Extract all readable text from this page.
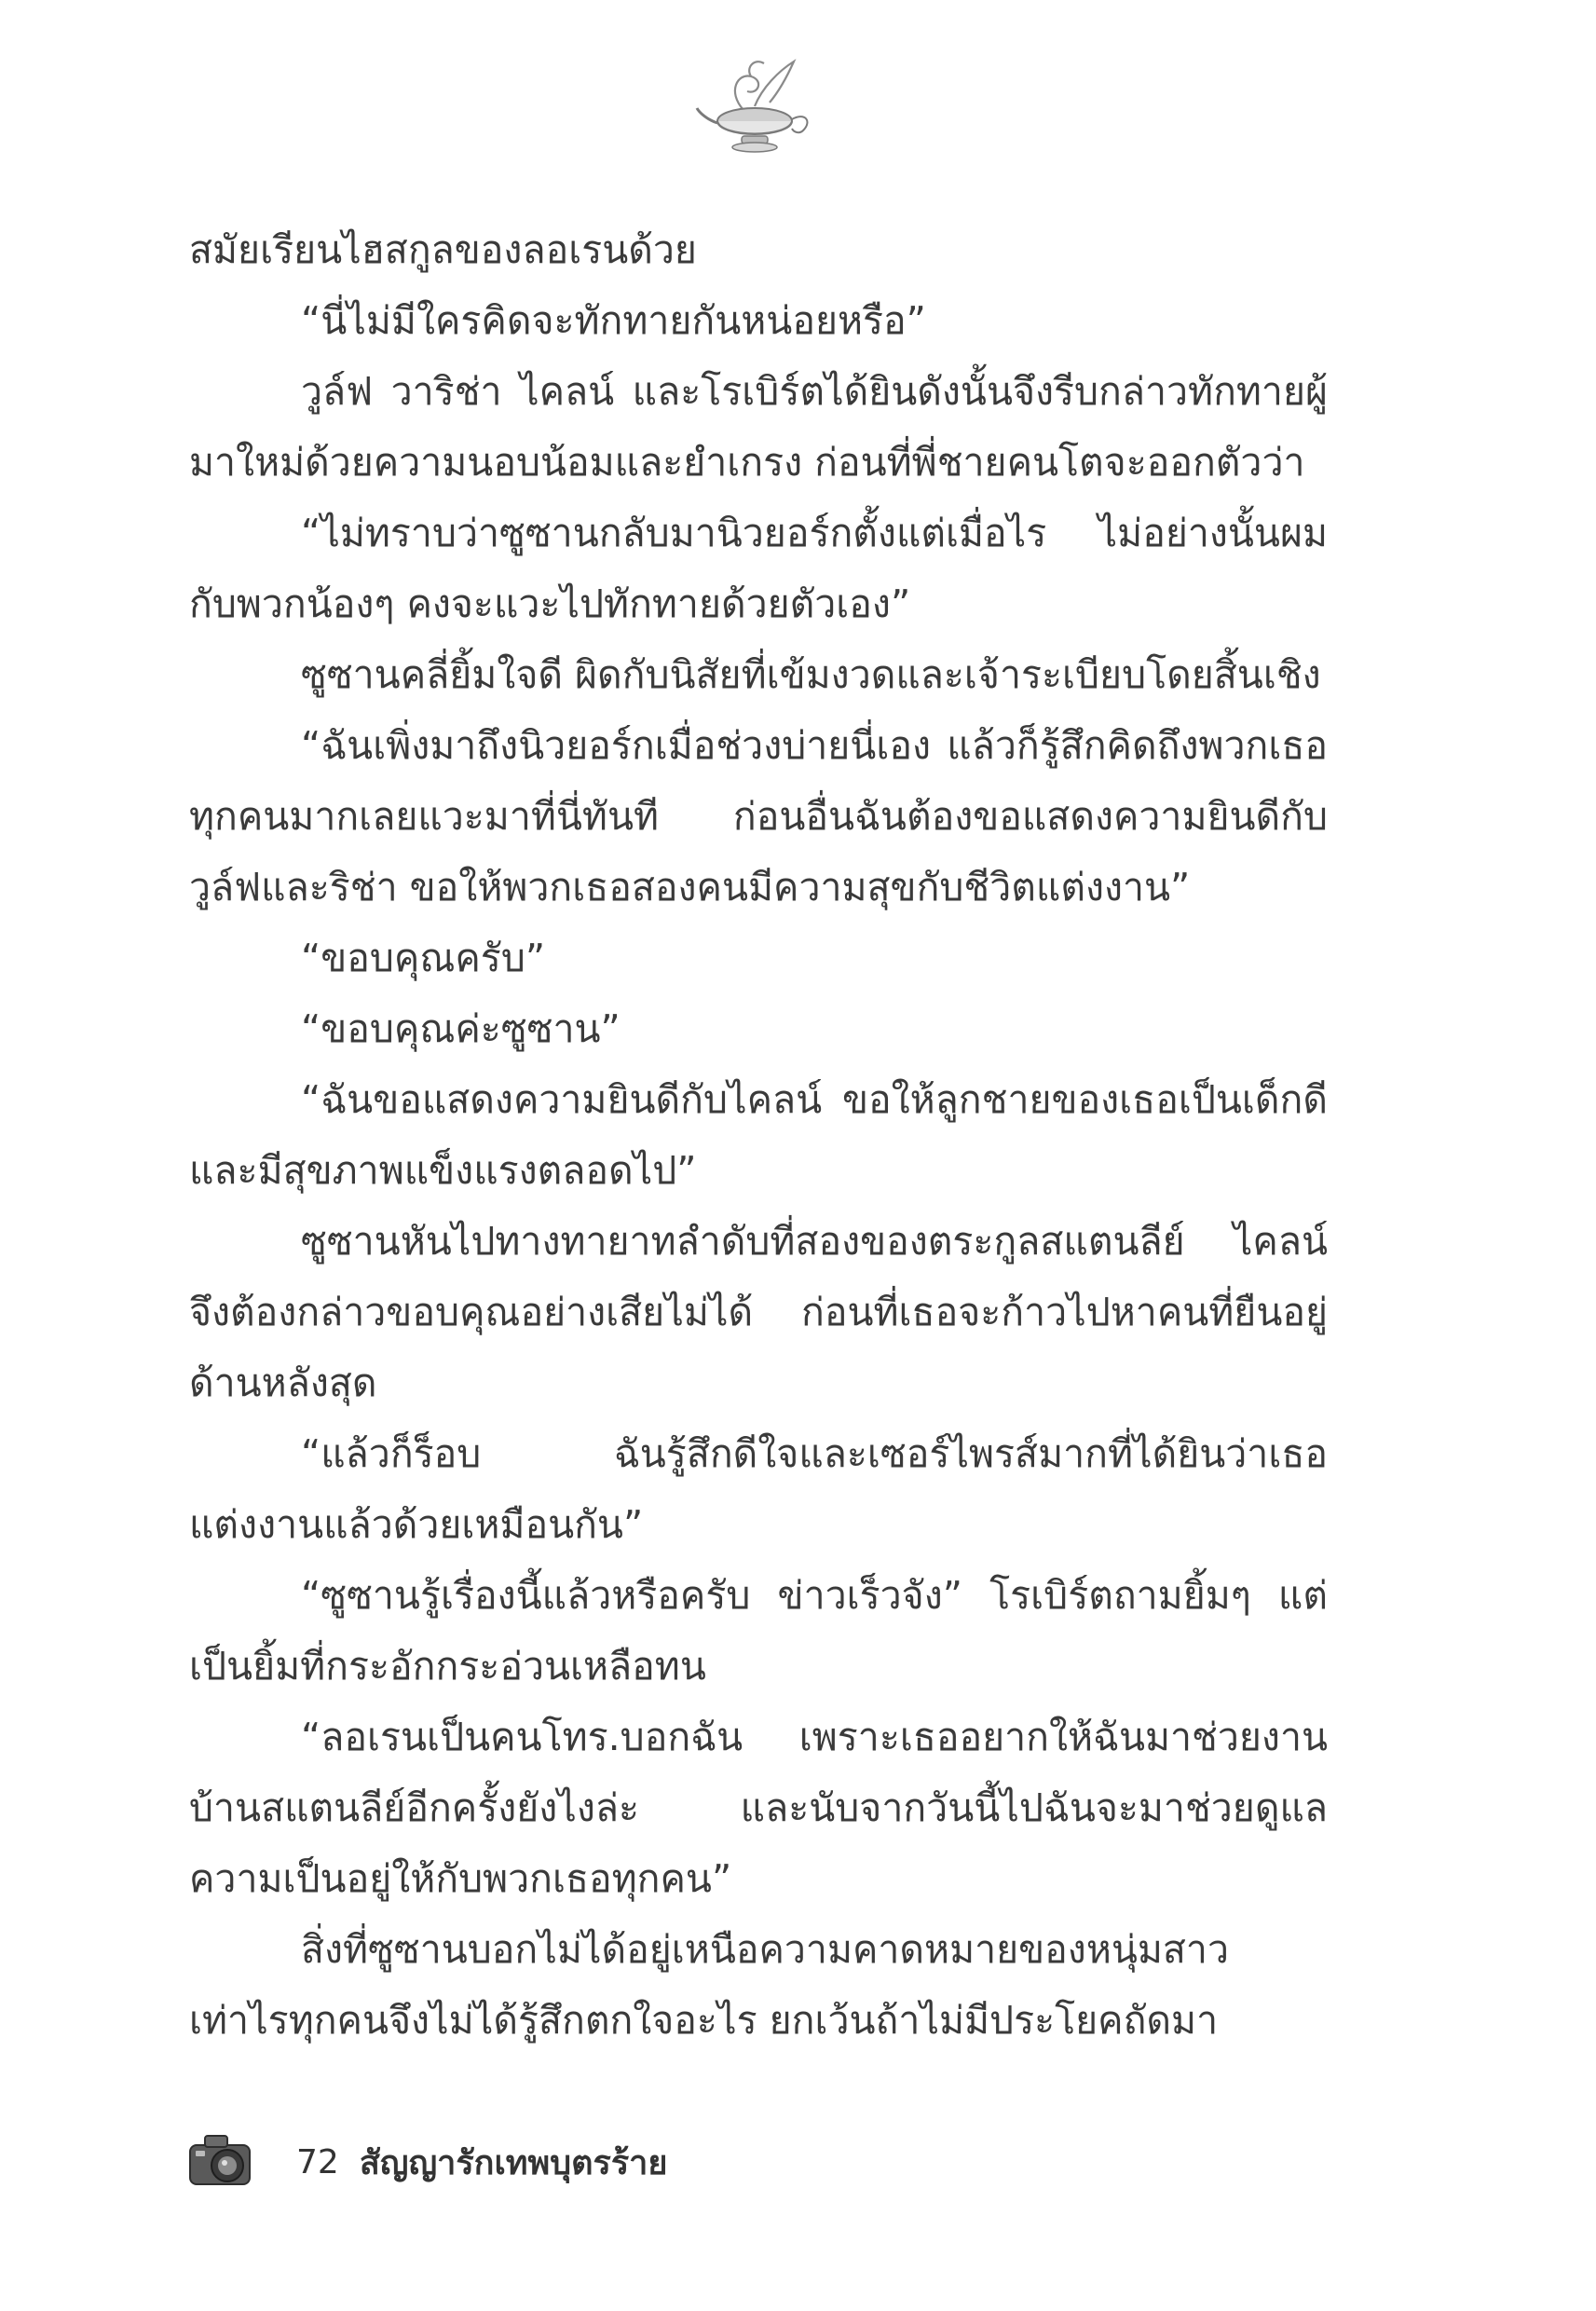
สมัยเรียนไฮสกูลของลอเรนด้วย

“นี่ไม่มีใครคิดจะทักทายกันหน่อยหรือ”

วูล์ฟ วาริช่า ไคลน์ และโรเบิร์ตได้ยินดังนั้นจึงรีบกล่าวทักทายผู้มาใหม่ด้วยความนอบน้อมและยำเกรง ก่อนที่พี่ชายคนโตจะออกตัวว่า

“ไม่ทราบว่าซูซานกลับมานิวยอร์กตั้งแต่เมื่อไร ไม่อย่างนั้นผมกับพวกน้องๆ คงจะแวะไปทักทายด้วยตัวเอง”

ซูซานคลี่ยิ้มใจดี ผิดกับนิสัยที่เข้มงวดและเจ้าระเบียบโดยสิ้นเชิง

“ฉันเพิ่งมาถึงนิวยอร์กเมื่อช่วงบ่ายนี่เอง แล้วก็รู้สึกคิดถึงพวกเธอทุกคนมากเลยแวะมาที่นี่ทันที ก่อนอื่นฉันต้องขอแสดงความยินดีกับวูล์ฟและริช่า ขอให้พวกเธอสองคนมีความสุขกับชีวิตแต่งงาน”

“ขอบคุณครับ”

“ขอบคุณค่ะซูซาน”

“ฉันขอแสดงความยินดีกับไคลน์ ขอให้ลูกชายของเธอเป็นเด็กดีและมีสุขภาพแข็งแรงตลอดไป”

ซูซานหันไปทางทายาทลำดับที่สองของตระกูลสแตนลีย์ ไคลน์จึงต้องกล่าวขอบคุณอย่างเสียไม่ได้ ก่อนที่เธอจะก้าวไปหาคนที่ยืนอยู่ด้านหลังสุด

“แล้วก็ร็อบ ฉันรู้สึกดีใจและเซอร์ไพรส์มากที่ได้ยินว่าเธอแต่งงานแล้วด้วยเหมือนกัน”

“ซูซานรู้เรื่องนี้แล้วหรือครับ ข่าวเร็วจัง” โรเบิร์ตถามยิ้มๆ แต่เป็นยิ้มที่กระอักกระอ่วนเหลือทน

“ลอเรนเป็นคนโทร.บอกฉัน เพราะเธออยากให้ฉันมาช่วยงานบ้านสแตนลีย์อีกครั้งยังไงล่ะ และนับจากวันนี้ไปฉันจะมาช่วยดูแลความเป็นอยู่ให้กับพวกเธอทุกคน”

สิ่งที่ซูซานบอกไม่ได้อยู่เหนือความคาดหมายของหนุ่มสาวเท่าไรทุกคนจึงไม่ได้รู้สึกตกใจอะไร ยกเว้นถ้าไม่มีประโยคถัดมา

72 สัญญารักเทพบุตรร้าย
